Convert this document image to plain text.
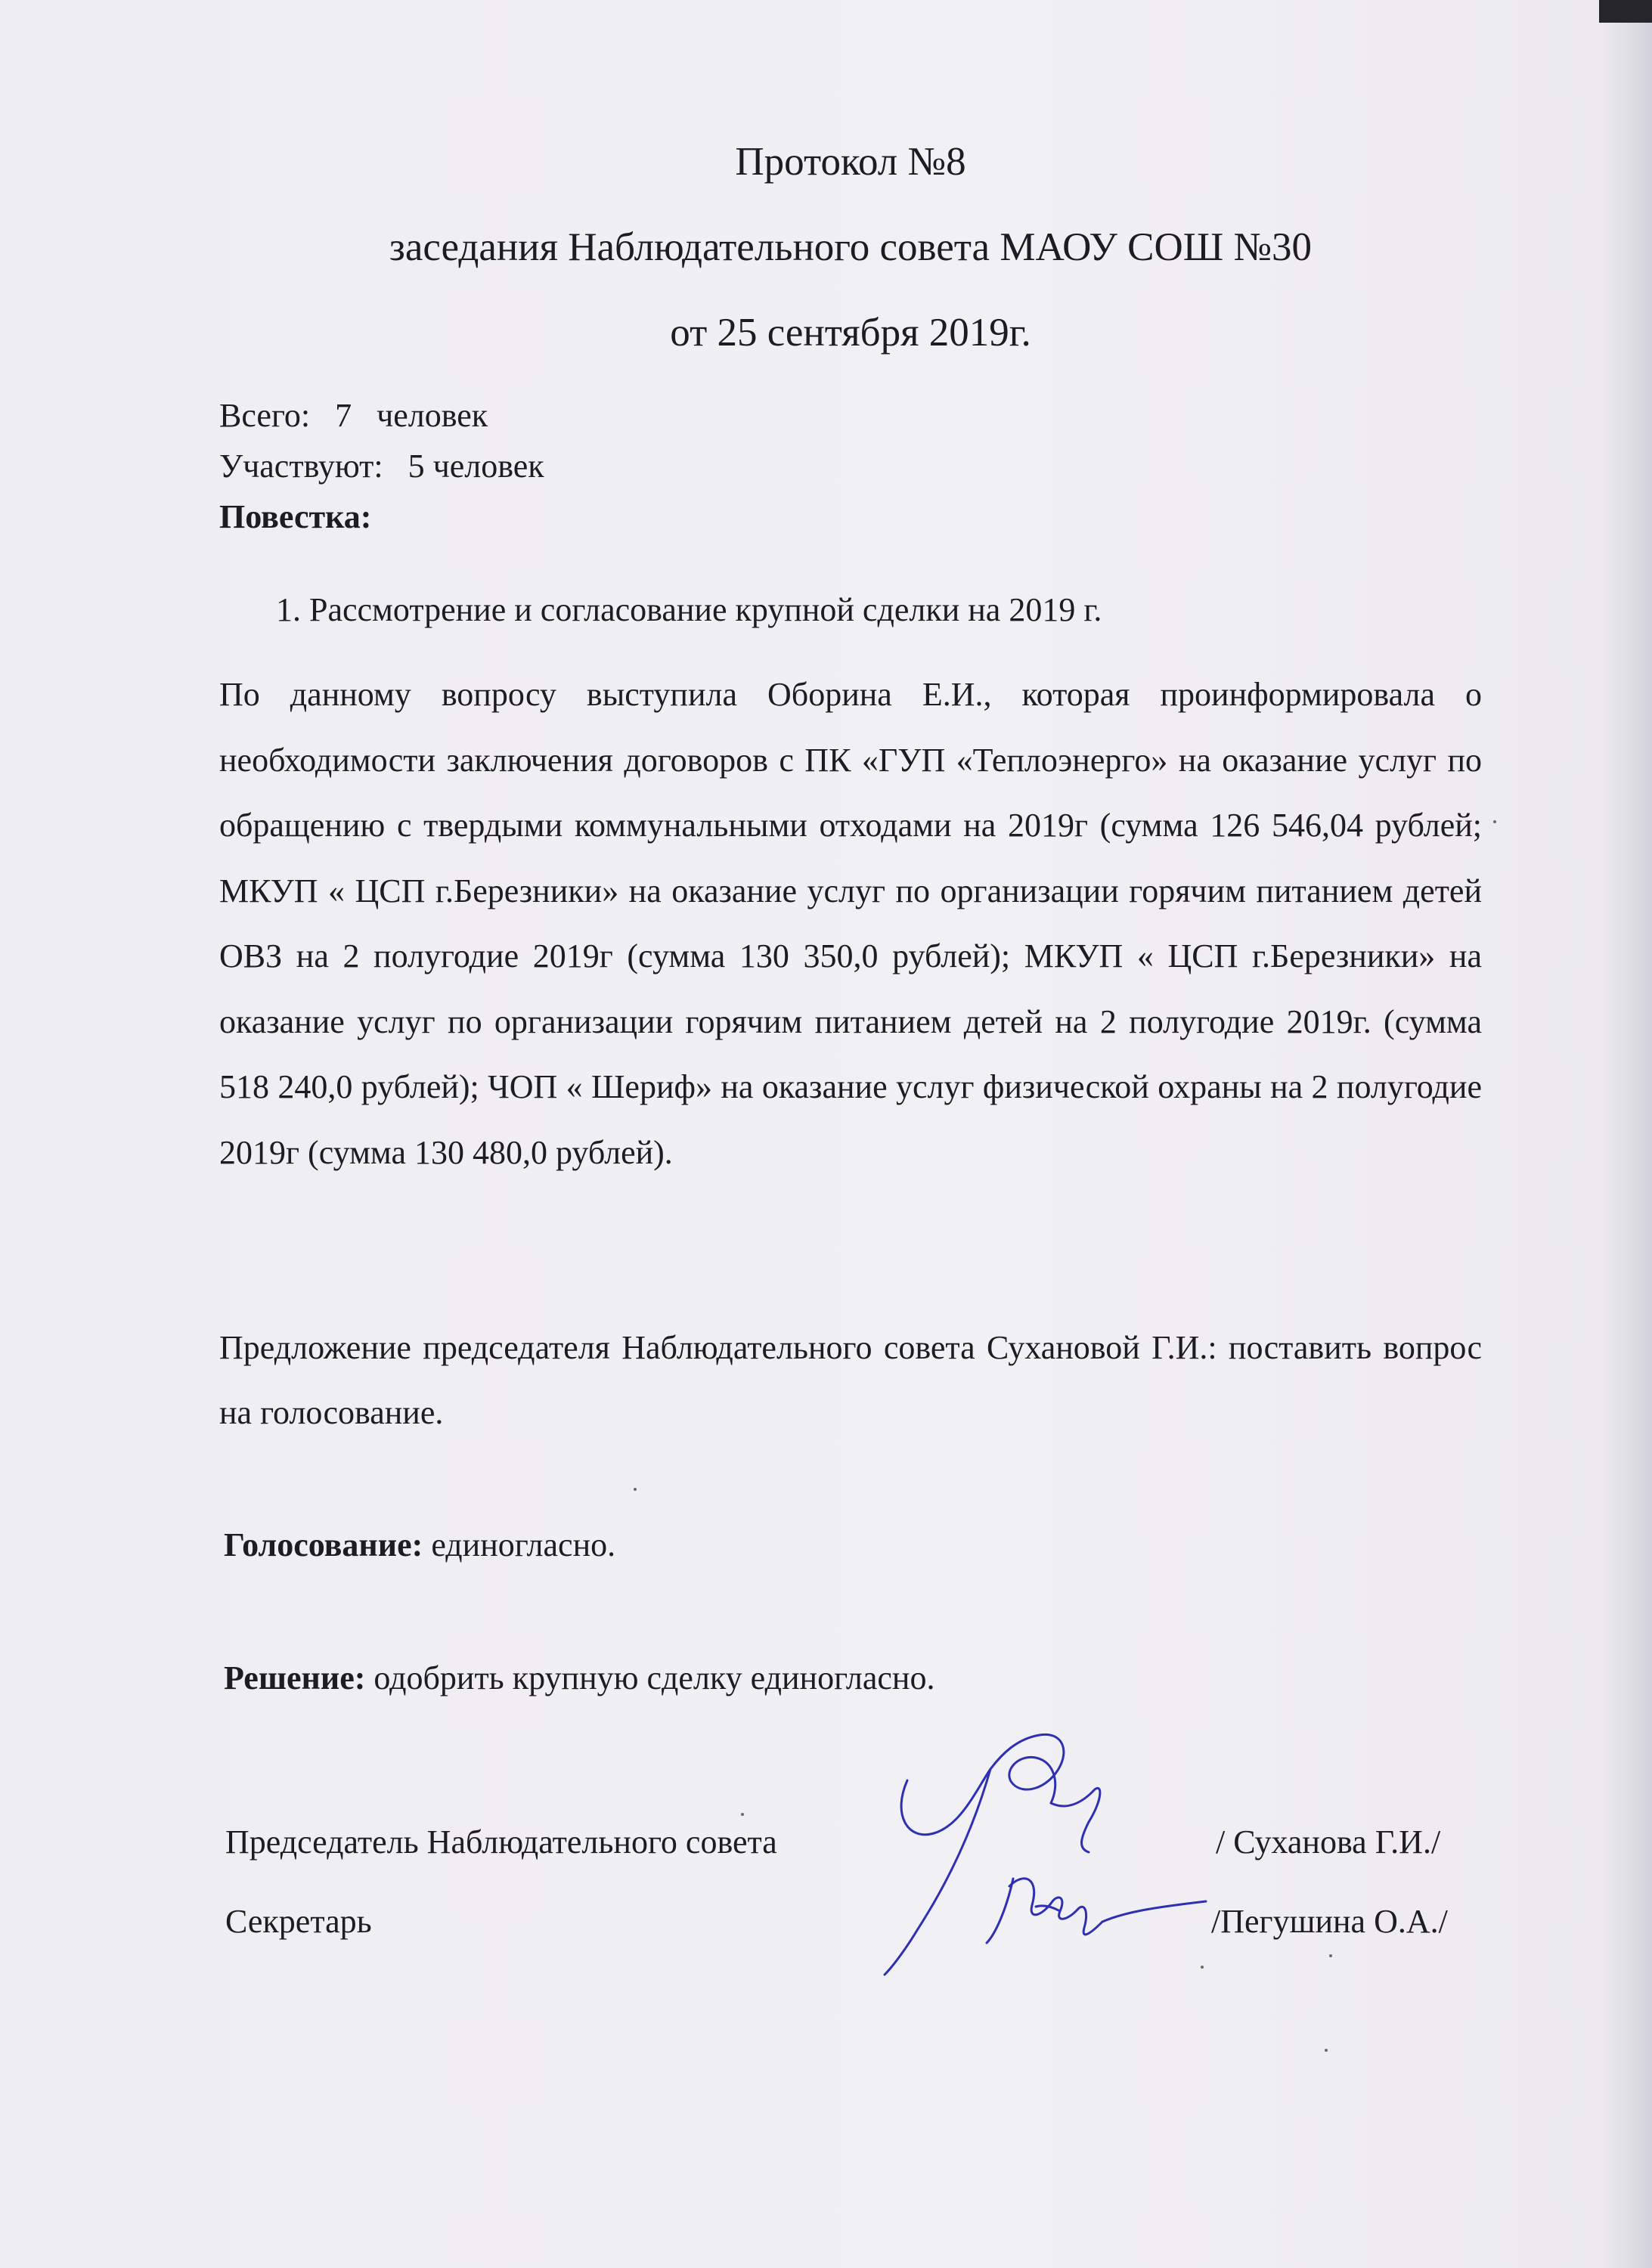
Протокол №8
заседания Наблюдательного совета МАОУ СОШ №30
от 25 сентября 2019г.
Всего:   7   человек
Участвуют:   5 человек
Повестка:
1. Рассмотрение и согласование крупной сделки на 2019 г.
По данному вопросу выступила Оборина Е.И., которая проинформировала о необходимости заключения договоров с ПК «ГУП «Теплоэнерго» на оказание услуг по обращению с твердыми коммунальными отходами на 2019г (сумма 126 546,04 рублей; МКУП « ЦСП г.Березники» на оказание услуг по организации горячим питанием детей ОВЗ на 2 полугодие 2019г (сумма 130 350,0 рублей); МКУП « ЦСП г.Березники» на оказание услуг по организации горячим питанием детей на 2 полугодие 2019г. (сумма 518 240,0 рублей); ЧОП « Шериф» на оказание услуг физической охраны на 2 полугодие 2019г (сумма 130 480,0 рублей).
Предложение председателя Наблюдательного совета Сухановой Г.И.: поставить вопрос на голосование.
Голосование: единогласно.
Решение: одобрить крупную сделку единогласно.
Председатель Наблюдательного совета	/ Суханова Г.И./
Секретарь	/Пегушина О.А./
